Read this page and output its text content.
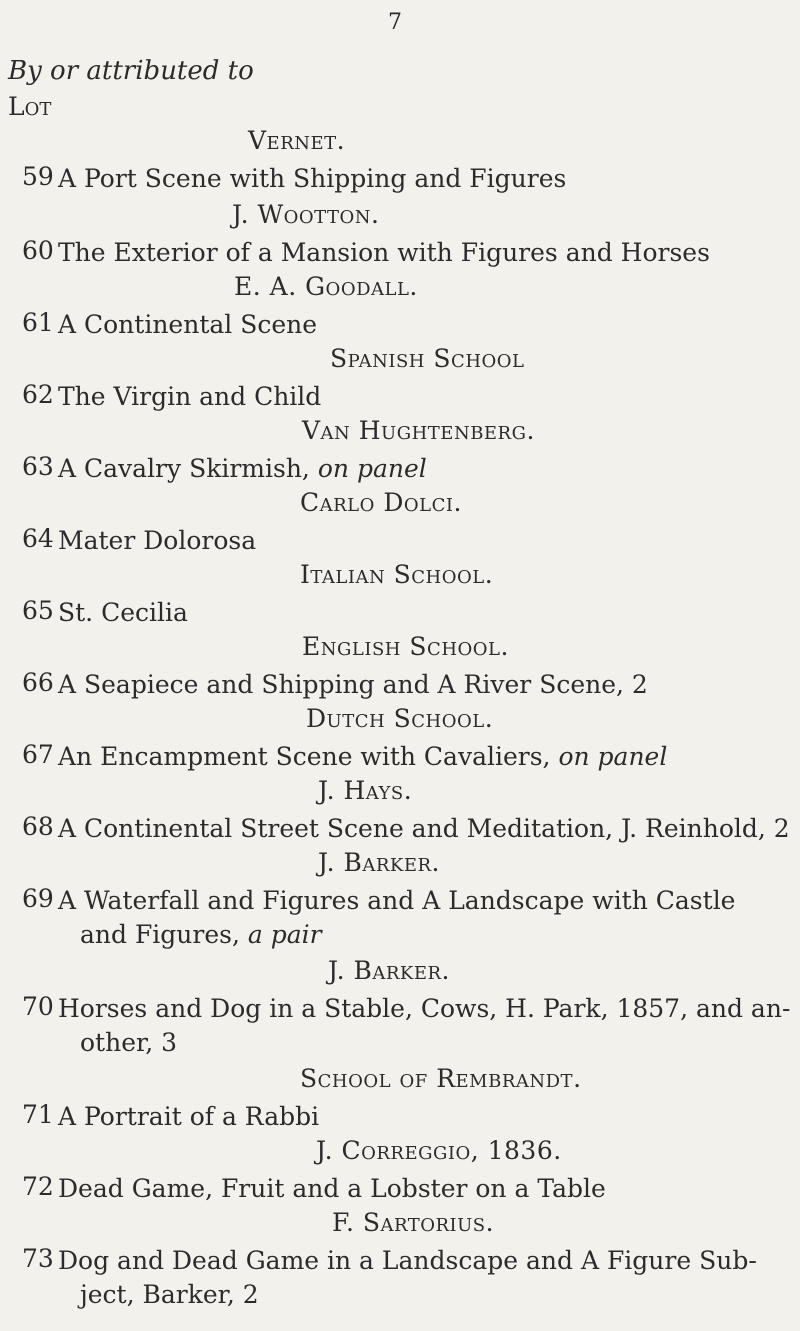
7
By or attributed to
Lot
Vernet.
59 A Port Scene with Shipping and Figures
J. Wootton.
60 The Exterior of a Mansion with Figures and Horses
E. A. Goodall.
61 A Continental Scene
Spanish School
62 The Virgin and Child
Van Hughtenberg.
63 A Cavalry Skirmish, on panel
Carlo Dolci.
64 Mater Dolorosa
Italian School.
65 St. Cecilia
English School.
66 A Seapiece and Shipping and A River Scene, 2
Dutch School.
67 An Encampment Scene with Cavaliers, on panel
J. Hays.
68 A Continental Street Scene and Meditation, J. Reinhold, 2
J. Barker.
69 A Waterfall and Figures and A Landscape with Castle
and Figures, a pair
J. Barker.
70 Horses and Dog in a Stable, Cows, H. Park, 1857, and an-
other, 3
School of Rembrandt.
71 A Portrait of a Rabbi
J. Correggio, 1836.
72 Dead Game, Fruit and a Lobster on a Table
F. Sartorius.
73 Dog and Dead Game in a Landscape and A Figure Sub-
ject, Barker, 2
